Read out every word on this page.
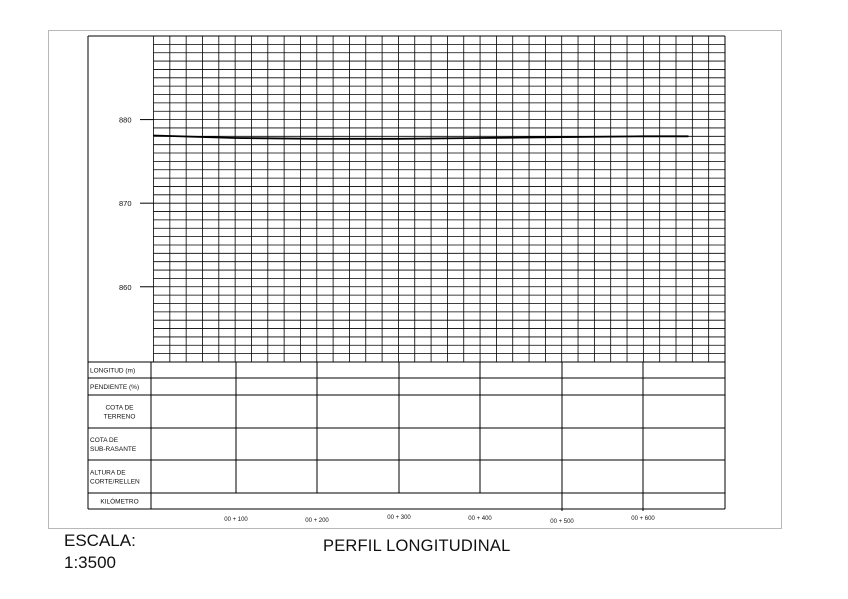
880
870
860
LONGITUD (m)
PENDIENTE (%)
COTA DE
TERRENO
COTA DE
SUB-RASANTE
ALTURA DE
CORTE/RELLEN
KILÓMETRO
00 + 100	00 + 200	00 + 300	00 + 400	00 + 500	00 + 600
ESCALA:
1:3500
PERFIL LONGITUDINAL
